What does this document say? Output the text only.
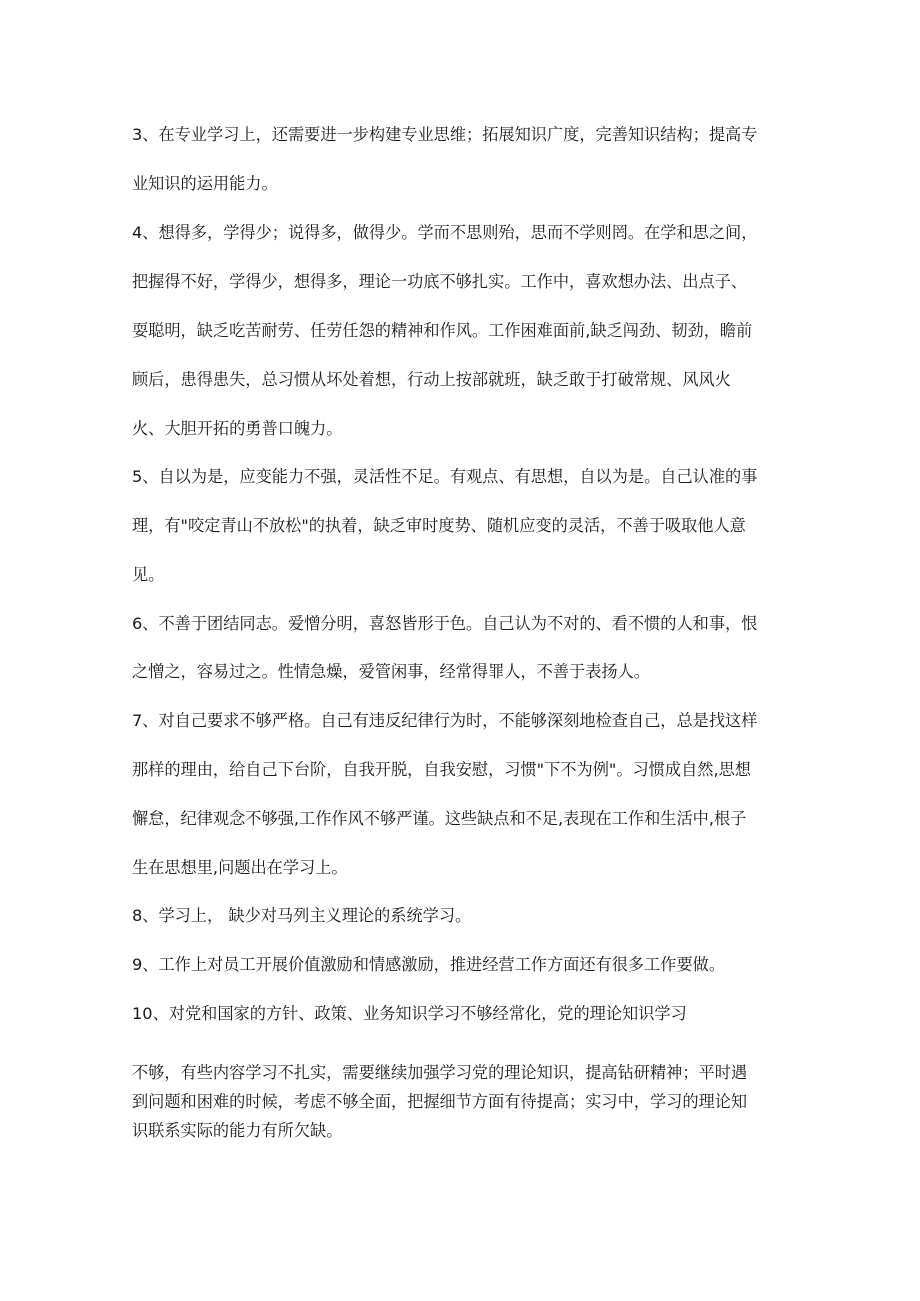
3、在专业学习上，还需要进一步构建专业思维；拓展知识广度，完善知识结构；提高专

业知识的运用能力。

4、想得多，学得少；说得多，做得少。学而不思则殆，思而不学则罔。在学和思之间，

把握得不好，学得少，想得多，理论一功底不够扎实。工作中，喜欢想办法、出点子、

耍聪明，缺乏吃苦耐劳、任劳任怨的精神和作风。工作困难面前,缺乏闯劲、韧劲，瞻前

顾后，患得患失，总习惯从坏处着想，行动上按部就班，缺乏敢于打破常规、风风火

火、大胆开拓的勇普口魄力。

5、自以为是，应变能力不强，灵活性不足。有观点、有思想，自以为是。自己认准的事

理，有"咬定青山不放松"的执着，缺乏审时度势、随机应变的灵活，不善于吸取他人意

见。

6、不善于团结同志。爱憎分明，喜怒皆形于色。自己认为不对的、看不惯的人和事，恨

之憎之，容易过之。性情急燥，爱管闲事，经常得罪人，不善于表扬人。

7、对自己要求不够严格。自己有违反纪律行为时，不能够深刻地检查自己，总是找这样

那样的理由，给自己下台阶，自我开脱，自我安慰，习惯"下不为例"。习惯成自然,思想

懈怠，纪律观念不够强,工作作风不够严谨。这些缺点和不足,表现在工作和生活中,根子

生在思想里,问题出在学习上。

8、学习上， 缺少对马列主义理论的系统学习。

9、工作上对员工开展价值激励和情感激励，推进经营工作方面还有很多工作要做。

10、对党和国家的方针、政策、业务知识学习不够经常化，党的理论知识学习

不够，有些内容学习不扎实，需要继续加强学习党的理论知识，提高钻研精神；平时遇

到问题和困难的时候，考虑不够全面，把握细节方面有待提高；实习中，学习的理论知

识联系实际的能力有所欠缺。
